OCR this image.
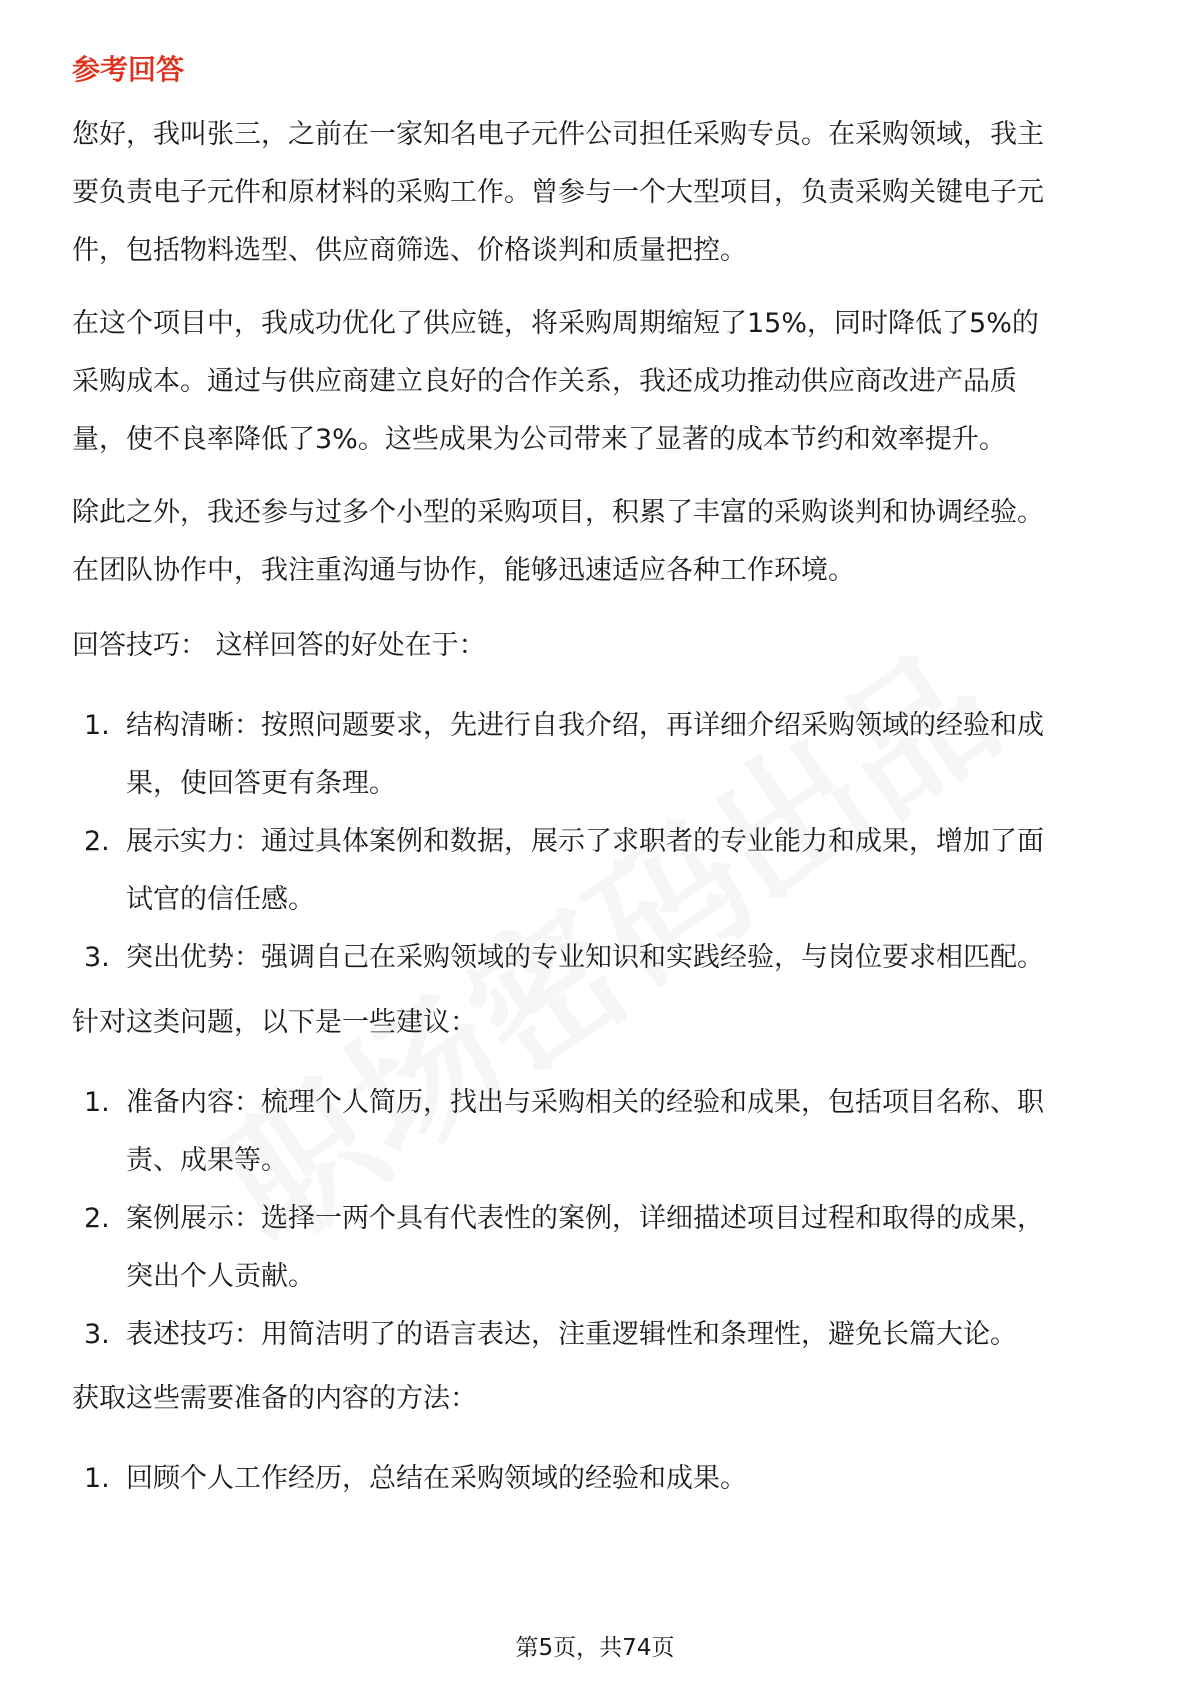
参考回答

您好，我叫张三，之前在一家知名电子元件公司担任采购专员。在采购领域，我主
要负责电子元件和原材料的采购工作。曾参与一个大型项目，负责采购关键电子元
件，包括物料选型、供应商筛选、价格谈判和质量把控。

在这个项目中，我成功优化了供应链，将采购周期缩短了15%，同时降低了5%的
采购成本。通过与供应商建立良好的合作关系，我还成功推动供应商改进产品质
量，使不良率降低了3%。这些成果为公司带来了显著的成本节约和效率提升。

除此之外，我还参与过多个小型的采购项目，积累了丰富的采购谈判和协调经验。
在团队协作中，我注重沟通与协作，能够迅速适应各种工作环境。

回答技巧： 这样回答的好处在于：

1. 结构清晰：按照问题要求，先进行自我介绍，再详细介绍采购领域的经验和成
果，使回答更有条理。
2. 展示实力：通过具体案例和数据，展示了求职者的专业能力和成果，增加了面
试官的信任感。
3. 突出优势：强调自己在采购领域的专业知识和实践经验，与岗位要求相匹配。

针对这类问题，以下是一些建议：

1. 准备内容：梳理个人简历，找出与采购相关的经验和成果，包括项目名称、职
责、成果等。
2. 案例展示：选择一两个具有代表性的案例，详细描述项目过程和取得的成果，
突出个人贡献。
3. 表述技巧：用简洁明了的语言表达，注重逻辑性和条理性，避免长篇大论。

获取这些需要准备的内容的方法：

1. 回顾个人工作经历，总结在采购领域的经验和成果。
第5页，共74页
